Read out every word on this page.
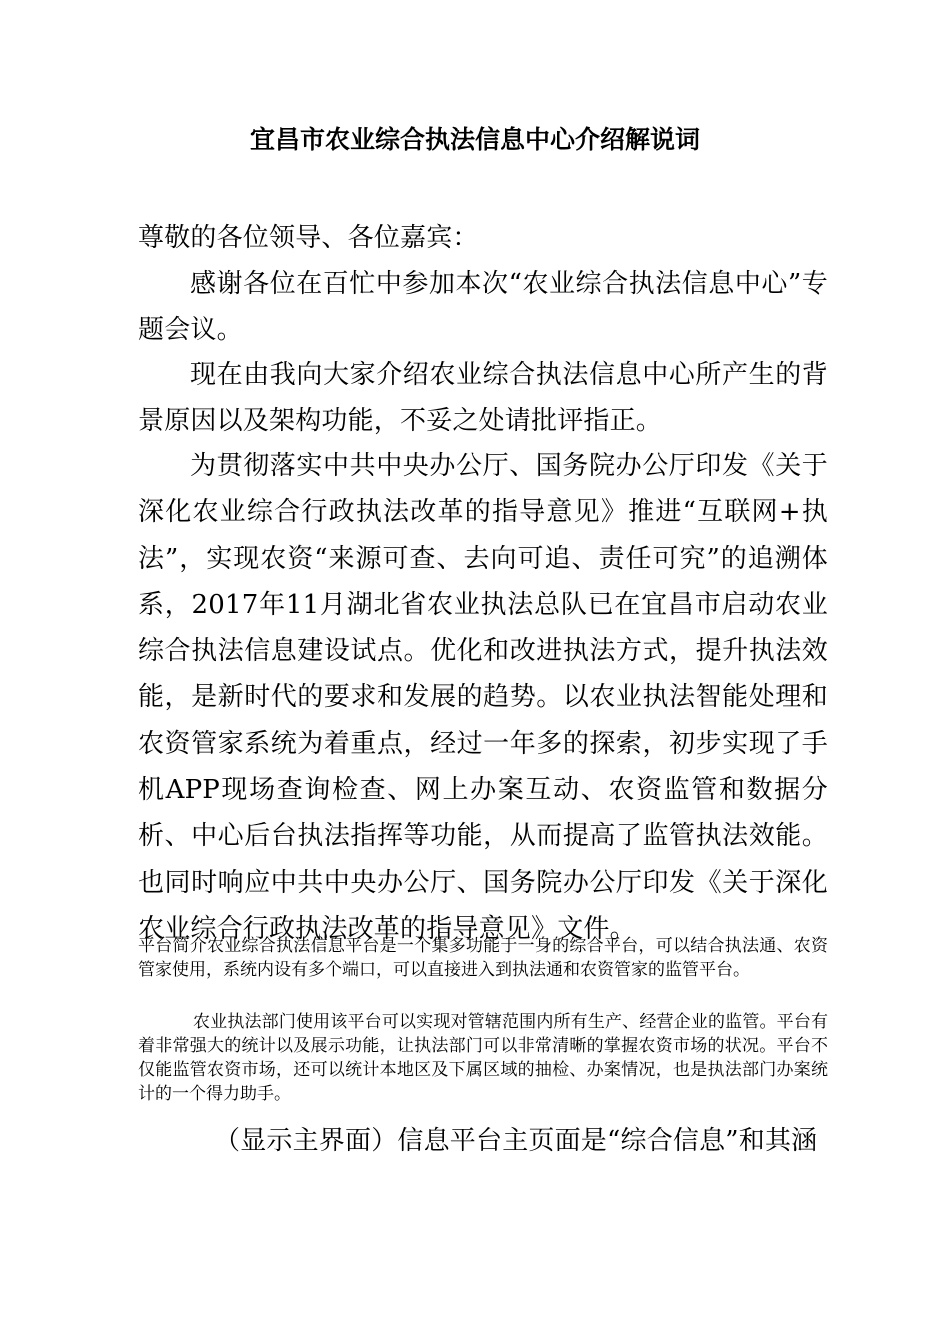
宜昌市农业综合执法信息中心介绍解说词

尊敬的各位领导、各位嘉宾：

感谢各位在百忙中参加本次“农业综合执法信息中心”专题会议。

现在由我向大家介绍农业综合执法信息中心所产生的背景原因以及架构功能，不妥之处请批评指正。

为贯彻落实中共中央办公厅、国务院办公厅印发《关于深化农业综合行政执法改革的指导意见》推进“互联网+执法”，实现农资“来源可查、去向可追、责任可究”的追溯体系，2017年11月湖北省农业执法总队已在宜昌市启动农业综合执法信息建设试点。优化和改进执法方式，提升执法效能，是新时代的要求和发展的趋势。以农业执法智能处理和农资管家系统为着重点，经过一年多的探索，初步实现了手机APP现场查询检查、网上办案互动、农资监管和数据分析、中心后台执法指挥等功能，从而提高了监管执法效能。也同时响应中共中央办公厅、国务院办公厅印发《关于深化农业综合行政执法改革的指导意见》文件。

平台简介农业综合执法信息平台是一个集多功能于一身的综合平台，可以结合执法通、农资管家使用，系统内设有多个端口，可以直接进入到执法通和农资管家的监管平台。

农业执法部门使用该平台可以实现对管辖范围内所有生产、经营企业的监管。平台有着非常强大的统计以及展示功能，让执法部门可以非常清晰的掌握农资市场的状况。平台不仅能监管农资市场，还可以统计本地区及下属区域的抽检、办案情况，也是执法部门办案统计的一个得力助手。

（显示主界面）信息平台主页面是“综合信息”和其涵
